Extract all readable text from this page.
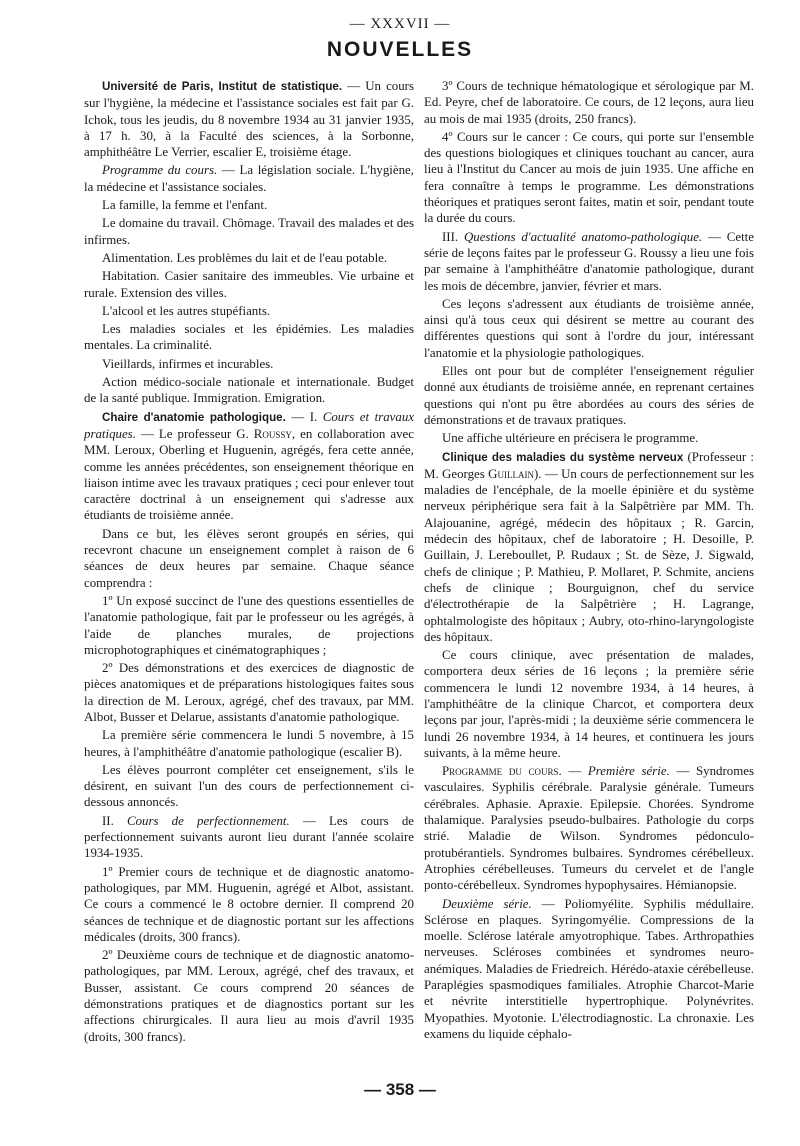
— XXXVII —
NOUVELLES

Université de Paris, Institut de statistique. — Un cours sur l'hygiène, la médecine et l'assistance sociales est fait par G. Ichok, tous les jeudis, du 8 novembre 1934 au 31 janvier 1935, à 17 h. 30, à la Faculté des sciences, à la Sorbonne, amphithéâtre Le Verrier, escalier E, troisième étage.

Programme du cours. — La législation sociale. L'hygiène, la médecine et l'assistance sociales.

La famille, la femme et l'enfant.

Le domaine du travail. Chômage. Travail des malades et des infirmes.

Alimentation. Les problèmes du lait et de l'eau potable.

Habitation. Casier sanitaire des immeubles. Vie urbaine et rurale. Extension des villes.

L'alcool et les autres stupéfiants.

Les maladies sociales et les épidémies. Les maladies mentales. La criminalité.

Vieillards, infirmes et incurables.

Action médico-sociale nationale et internationale. Budget de la santé publique. Immigration. Emigration.

Chaire d'anatomie pathologique. — I. Cours et travaux pratiques. — Le professeur G. Roussy, en collaboration avec MM. Leroux, Oberling et Huguenin, agrégés, fera cette année, comme les années précédentes, son enseignement théorique en liaison intime avec les travaux pratiques ; ceci pour enlever tout caractère doctrinal à un enseignement qui s'adresse aux étudiants de troisième année.

Dans ce but, les élèves seront groupés en séries, qui recevront chacune un enseignement complet à raison de 6 séances de deux heures par semaine. Chaque séance comprendra :

1º Un exposé succinct de l'une des questions essentielles de l'anatomie pathologique, fait par le professeur ou les agrégés, à l'aide de planches murales, de projections microphotographiques et cinématographiques ;

2º Des démonstrations et des exercices de diagnostic de pièces anatomiques et de préparations histologiques faites sous la direction de M. Leroux, agrégé, chef des travaux, par MM. Albot, Busser et Delarue, assistants d'anatomie pathologique.

La première série commencera le lundi 5 novembre, à 15 heures, à l'amphithéâtre d'anatomie pathologique (escalier B).

Les élèves pourront compléter cet enseignement, s'ils le désirent, en suivant l'un des cours de perfectionnement ci-dessous annoncés.

II. Cours de perfectionnement. — Les cours de perfectionnement suivants auront lieu durant l'année scolaire 1934-1935.

1º Premier cours de technique et de diagnostic anatomo-pathologiques, par MM. Huguenin, agrégé et Albot, assistant. Ce cours a commencé le 8 octobre dernier. Il comprend 20 séances de technique et de diagnostic portant sur les affections médicales (droits, 300 francs).

2º Deuxième cours de technique et de diagnostic anatomo-pathologiques, par MM. Leroux, agrégé, chef des travaux, et Busser, assistant. Ce cours comprend 20 séances de démonstrations pratiques et de diagnostics portant sur les affections chirurgicales. Il aura lieu au mois d'avril 1935 (droits, 300 francs).

3º Cours de technique hématologique et sérologique par M. Ed. Peyre, chef de laboratoire. Ce cours, de 12 leçons, aura lieu au mois de mai 1935 (droits, 250 francs).

4º Cours sur le cancer : Ce cours, qui porte sur l'ensemble des questions biologiques et cliniques touchant au cancer, aura lieu à l'Institut du Cancer au mois de juin 1935. Une affiche en fera connaître à temps le programme. Les démonstrations théoriques et pratiques seront faites, matin et soir, pendant toute la durée du cours.

III. Questions d'actualité anatomo-pathologique. — Cette série de leçons faites par le professeur G. Roussy a lieu une fois par semaine à l'amphithéâtre d'anatomie pathologique, durant les mois de décembre, janvier, février et mars.

Ces leçons s'adressent aux étudiants de troisième année, ainsi qu'à tous ceux qui désirent se mettre au courant des différentes questions qui sont à l'ordre du jour, intéressant l'anatomie et la physiologie pathologiques.

Elles ont pour but de compléter l'enseignement régulier donné aux étudiants de troisième année, en reprenant certaines questions qui n'ont pu être abordées au cours des séries de démonstrations et de travaux pratiques.

Une affiche ultérieure en précisera le programme.

Clinique des maladies du système nerveux (Professeur : M. Georges Guillain). — Un cours de perfectionnement sur les maladies de l'encéphale, de la moelle épinière et du système nerveux périphérique sera fait à la Salpêtrière par MM. Th. Alajouanine, agrégé, médecin des hôpitaux ; R. Garcin, médecin des hôpitaux, chef de laboratoire ; H. Desoille, P. Guillain, J. Lereboullet, P. Rudaux ; St. de Sèze, J. Sigwald, chefs de clinique ; P. Mathieu, P. Mollaret, P. Schmite, anciens chefs de clinique ; Bourguignon, chef du service d'électrothérapie de la Salpêtrière ; H. Lagrange, ophtalmologiste des hôpitaux ; Aubry, oto-rhino-laryngologiste des hôpitaux.

Ce cours clinique, avec présentation de malades, comportera deux séries de 16 leçons ; la première série commencera le lundi 12 novembre 1934, à 14 heures, à l'amphithéâtre de la clinique Charcot, et comportera deux leçons par jour, l'après-midi ; la deuxième série commencera le lundi 26 novembre 1934, à 14 heures, et continuera les jours suivants, à la même heure.

Programme du cours. — Première série. — Syndromes vasculaires. Syphilis cérébrale. Paralysie générale. Tumeurs cérébrales. Aphasie. Apraxie. Epilepsie. Chorées. Syndrome thalamique. Paralysies pseudo-bulbaires. Pathologie du corps strié. Maladie de Wilson. Syndromes pédonculo-protubérantiels. Syndromes bulbaires. Syndromes cérébelleux. Atrophies cérébelleuses. Tumeurs du cervelet et de l'angle ponto-cérébelleux. Syndromes hypophysaires. Hémianopsie.

Deuxième série. — Poliomyélite. Syphilis médullaire. Sclérose en plaques. Syringomyélie. Compressions de la moelle. Sclérose latérale amyotrophique. Tabes. Arthropathies nerveuses. Scléroses combinées et syndromes neuro-anémiques. Maladies de Friedreich. Hérédo-ataxie cérébelleuse. Paraplégies spasmodiques familiales. Atrophie Charcot-Marie et névrite interstitielle hypertrophique. Polynévrites. Myopathies. Myotonie. L'électrodiagnostic. La chronaxie. Les examens du liquide céphalo-

— 358 —
